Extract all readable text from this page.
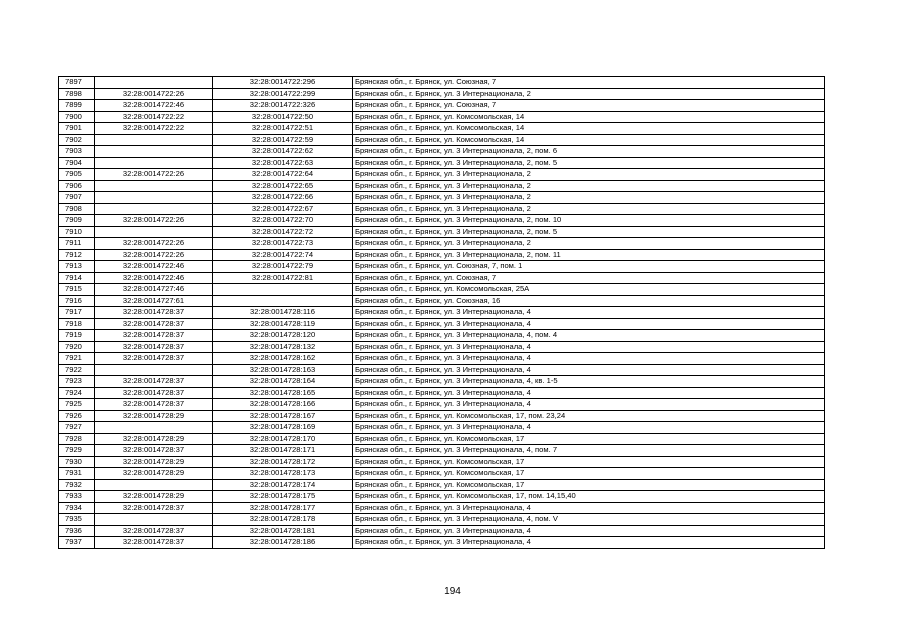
7897		32:28:0014722:296	Брянская обл., г. Брянск, ул. Союзная, 7
7898	32:28:0014722:26	32:28:0014722:299	Брянская обл., г. Брянск, ул. 3 Интернационала, 2
7899	32:28:0014722:46	32:28:0014722:326	Брянская обл., г. Брянск, ул. Союзная, 7
7900	32:28:0014722:22	32:28:0014722:50	Брянская обл., г. Брянск, ул. Комсомольская, 14
7901	32:28:0014722:22	32:28:0014722:51	Брянская обл., г. Брянск, ул. Комсомольская, 14
7902		32:28:0014722:59	Брянская обл., г. Брянск, ул. Комсомольская, 14
7903		32:28:0014722:62	Брянская обл., г. Брянск, ул. 3 Интернационала, 2, пом. 6
7904		32:28:0014722:63	Брянская обл., г. Брянск, ул. 3 Интернационала, 2, пом. 5
7905	32:28:0014722:26	32:28:0014722:64	Брянская обл., г. Брянск, ул. 3 Интернационала, 2
7906		32:28:0014722:65	Брянская обл., г. Брянск, ул. 3 Интернационала, 2
7907		32:28:0014722:66	Брянская обл., г. Брянск, ул. 3 Интернационала, 2
7908		32:28:0014722:67	Брянская обл., г. Брянск, ул. 3 Интернационала, 2
7909	32:28:0014722:26	32:28:0014722:70	Брянская обл., г. Брянск, ул. 3 Интернационала, 2, пом. 10
7910		32:28:0014722:72	Брянская обл., г. Брянск, ул. 3 Интернационала, 2, пом. 5
7911	32:28:0014722:26	32:28:0014722:73	Брянская обл., г. Брянск, ул. 3 Интернационала, 2
7912	32:28:0014722:26	32:28:0014722:74	Брянская обл., г. Брянск, ул. 3 Интернационала, 2, пом. 11
7913	32:28:0014722:46	32:28:0014722:79	Брянская обл., г. Брянск, ул. Союзная, 7, пом. 1
7914	32:28:0014722:46	32:28:0014722:81	Брянская обл., г. Брянск, ул. Союзная, 7
7915	32:28:0014727:46		Брянская обл., г. Брянск, ул. Комсомольская, 25А
7916	32:28:0014727:61		Брянская обл., г. Брянск, ул. Союзная, 16
7917	32:28:0014728:37	32:28:0014728:116	Брянская обл., г. Брянск, ул. 3 Интернационала, 4
7918	32:28:0014728:37	32:28:0014728:119	Брянская обл., г. Брянск, ул. 3 Интернационала, 4
7919	32:28:0014728:37	32:28:0014728:120	Брянская обл., г. Брянск, ул. 3 Интернационала, 4, пом. 4
7920	32:28:0014728:37	32:28:0014728:132	Брянская обл., г. Брянск, ул. 3 Интернационала, 4
7921	32:28:0014728:37	32:28:0014728:162	Брянская обл., г. Брянск, ул. 3 Интернационала, 4
7922		32:28:0014728:163	Брянская обл., г. Брянск, ул. 3 Интернационала, 4
7923	32:28:0014728:37	32:28:0014728:164	Брянская обл., г. Брянск, ул. 3 Интернационала, 4, кв. 1-5
7924	32:28:0014728:37	32:28:0014728:165	Брянская обл., г. Брянск, ул. 3 Интернационала, 4
7925	32:28:0014728:37	32:28:0014728:166	Брянская обл., г. Брянск, ул. 3 Интернационала, 4
7926	32:28:0014728:29	32:28:0014728:167	Брянская обл., г. Брянск, ул. Комсомольская, 17, пом. 23,24
7927		32:28:0014728:169	Брянская обл., г. Брянск, ул. 3 Интернационала, 4
7928	32:28:0014728:29	32:28:0014728:170	Брянская обл., г. Брянск, ул. Комсомольская, 17
7929	32:28:0014728:37	32:28:0014728:171	Брянская обл., г. Брянск, ул. 3 Интернационала, 4, пом. 7
7930	32:28:0014728:29	32:28:0014728:172	Брянская обл., г. Брянск, ул. Комсомольская, 17
7931	32:28:0014728:29	32:28:0014728:173	Брянская обл., г. Брянск, ул. Комсомольская, 17
7932		32:28:0014728:174	Брянская обл., г. Брянск, ул. Комсомольская, 17
7933	32:28:0014728:29	32:28:0014728:175	Брянская обл., г. Брянск, ул. Комсомольская, 17, пом. 14,15,40
7934	32:28:0014728:37	32:28:0014728:177	Брянская обл., г. Брянск, ул. 3 Интернационала, 4
7935		32:28:0014728:178	Брянская обл., г. Брянск, ул. 3 Интернационала, 4, пом. V
7936	32:28:0014728:37	32:28:0014728:181	Брянская обл., г. Брянск, ул. 3 Интернационала, 4
7937	32:28:0014728:37	32:28:0014728:186	Брянская обл., г. Брянск, ул. 3 Интернационала, 4
194
